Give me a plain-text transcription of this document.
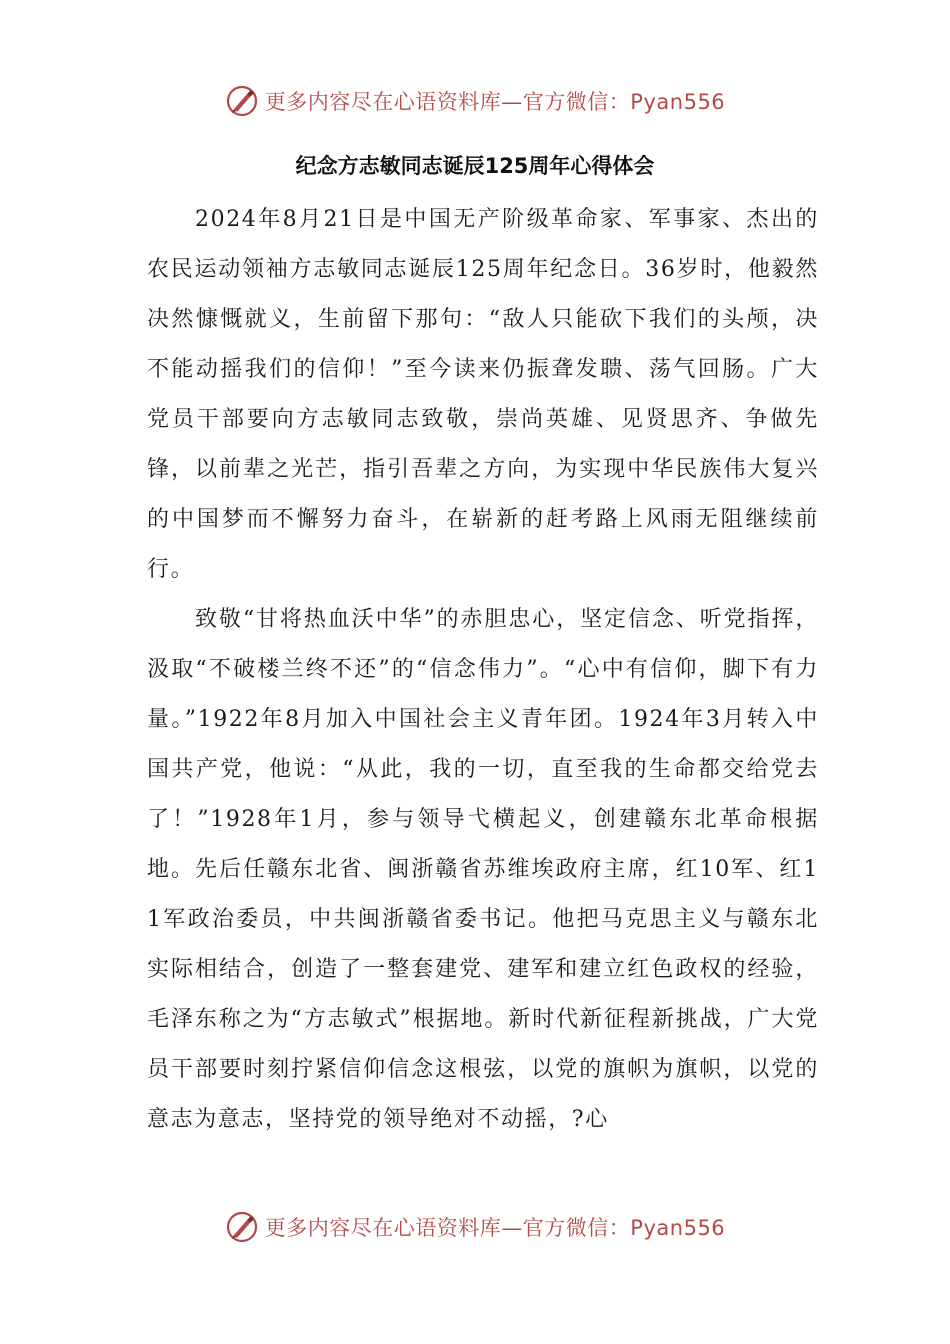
更多内容尽在心语资料库—官方微信：Pyan556
纪念方志敏同志诞辰125周年心得体会

2024年8月21日是中国无产阶级革命家、军事家、杰出的农民运动领袖方志敏同志诞辰125周年纪念日。36岁时，他毅然决然慷慨就义，生前留下那句：“敌人只能砍下我们的头颅，决不能动摇我们的信仰！”至今读来仍振聋发聩、荡气回肠。广大党员干部要向方志敏同志致敬，崇尚英雄、见贤思齐、争做先锋，以前辈之光芒，指引吾辈之方向，为实现中华民族伟大复兴的中国梦而不懈努力奋斗，在崭新的赶考路上风雨无阻继续前行。

致敬“甘将热血沃中华”的赤胆忠心，坚定信念、听党指挥，汲取“不破楼兰终不还”的“信念伟力”。“心中有信仰，脚下有力量。”1922年8月加入中国社会主义青年团。1924年3月转入中国共产党，他说：“从此，我的一切，直至我的生命都交给党去了！”1928年1月，参与领导弋横起义，创建赣东北革命根据地。先后任赣东北省、闽浙赣省苏维埃政府主席，红10军、红11军政治委员，中共闽浙赣省委书记。他把马克思主义与赣东北实际相结合，创造了一整套建党、建军和建立红色政权的经验，毛泽东称之为“方志敏式”根据地。新时代新征程新挑战，广大党员干部要时刻拧紧信仰信念这根弦，以党的旗帜为旗帜，以党的意志为意志，坚持党的领导绝对不动摇，?心

更多内容尽在心语资料库—官方微信：Pyan556
